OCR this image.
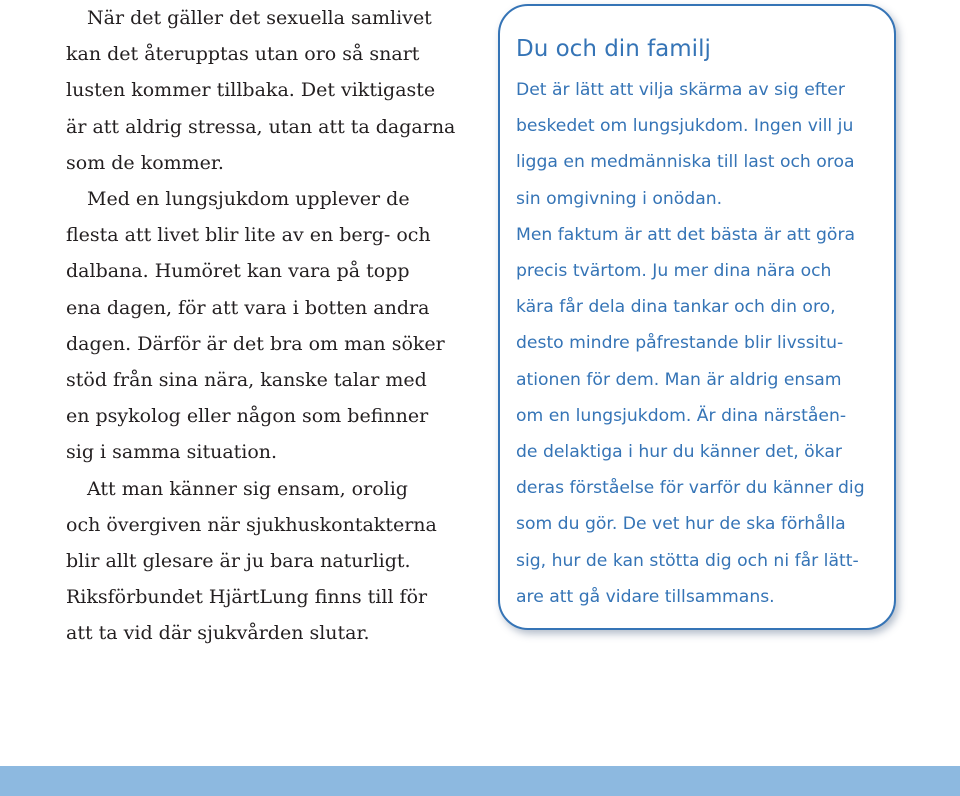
När det gäller det sexuella samlivet
kan det återupptas utan oro så snart
lusten kommer tillbaka. Det viktigaste
är att aldrig stressa, utan att ta dagarna
som de kommer.
Med en lungsjukdom upplever de
flesta att livet blir lite av en berg- och
dalbana. Humöret kan vara på topp
ena dagen, för att vara i botten andra
dagen. Därför är det bra om man söker
stöd från sina nära, kanske talar med
en psykolog eller någon som befinner
sig i samma situation.
Att man känner sig ensam, orolig
och övergiven när sjukhuskontakterna
blir allt glesare är ju bara naturligt.
Riksförbundet HjärtLung finns till för
att ta vid där sjukvården slutar.
Du och din familj
Det är lätt att vilja skärma av sig efter
beskedet om lungsjukdom. Ingen vill ju
ligga en medmänniska till last och oroa
sin omgivning i onödan.
Men faktum är att det bästa är att göra
precis tvärtom. Ju mer dina nära och
kära får dela dina tankar och din oro,
desto mindre påfrestande blir livssitu-
ationen för dem. Man är aldrig ensam
om en lungsjukdom. Är dina närståen-
de delaktiga i hur du känner det, ökar
deras förståelse för varför du känner dig
som du gör. De vet hur de ska förhålla
sig, hur de kan stötta dig och ni får lätt-
are att gå vidare tillsammans.
